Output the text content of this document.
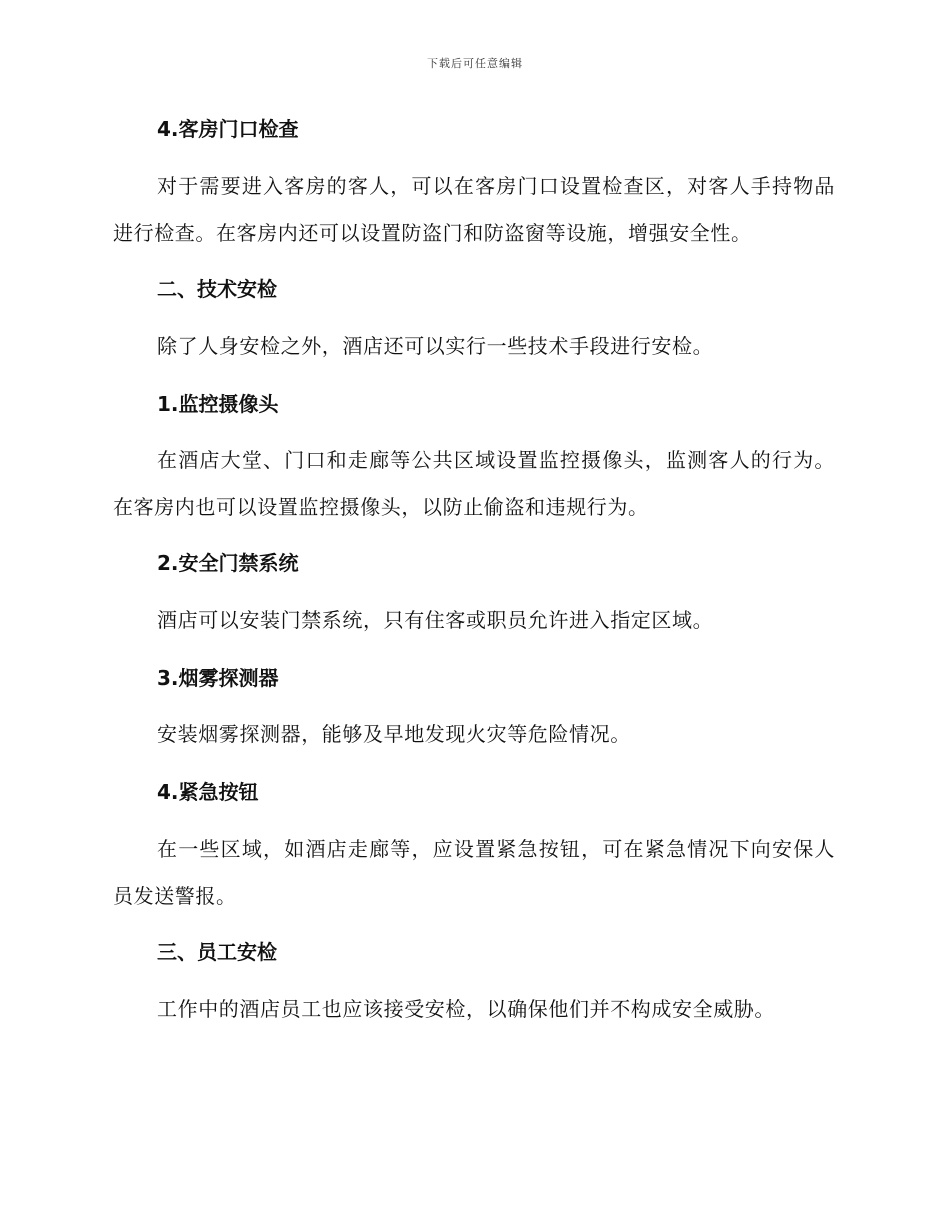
下载后可任意编辑
4.客房门口检查
对于需要进入客房的客人，可以在客房门口设置检查区，对客人手持物品进行检查。在客房内还可以设置防盗门和防盗窗等设施，增强安全性。
二、技术安检
除了人身安检之外，酒店还可以实行一些技术手段进行安检。
1.监控摄像头
在酒店大堂、门口和走廊等公共区域设置监控摄像头，监测客人的行为。在客房内也可以设置监控摄像头，以防止偷盗和违规行为。
2.安全门禁系统
酒店可以安装门禁系统，只有住客或职员允许进入指定区域。
3.烟雾探测器
安装烟雾探测器，能够及早地发现火灾等危险情况。
4.紧急按钮
在一些区域，如酒店走廊等，应设置紧急按钮，可在紧急情况下向安保人员发送警报。
三、员工安检
工作中的酒店员工也应该接受安检，以确保他们并不构成安全威胁。
